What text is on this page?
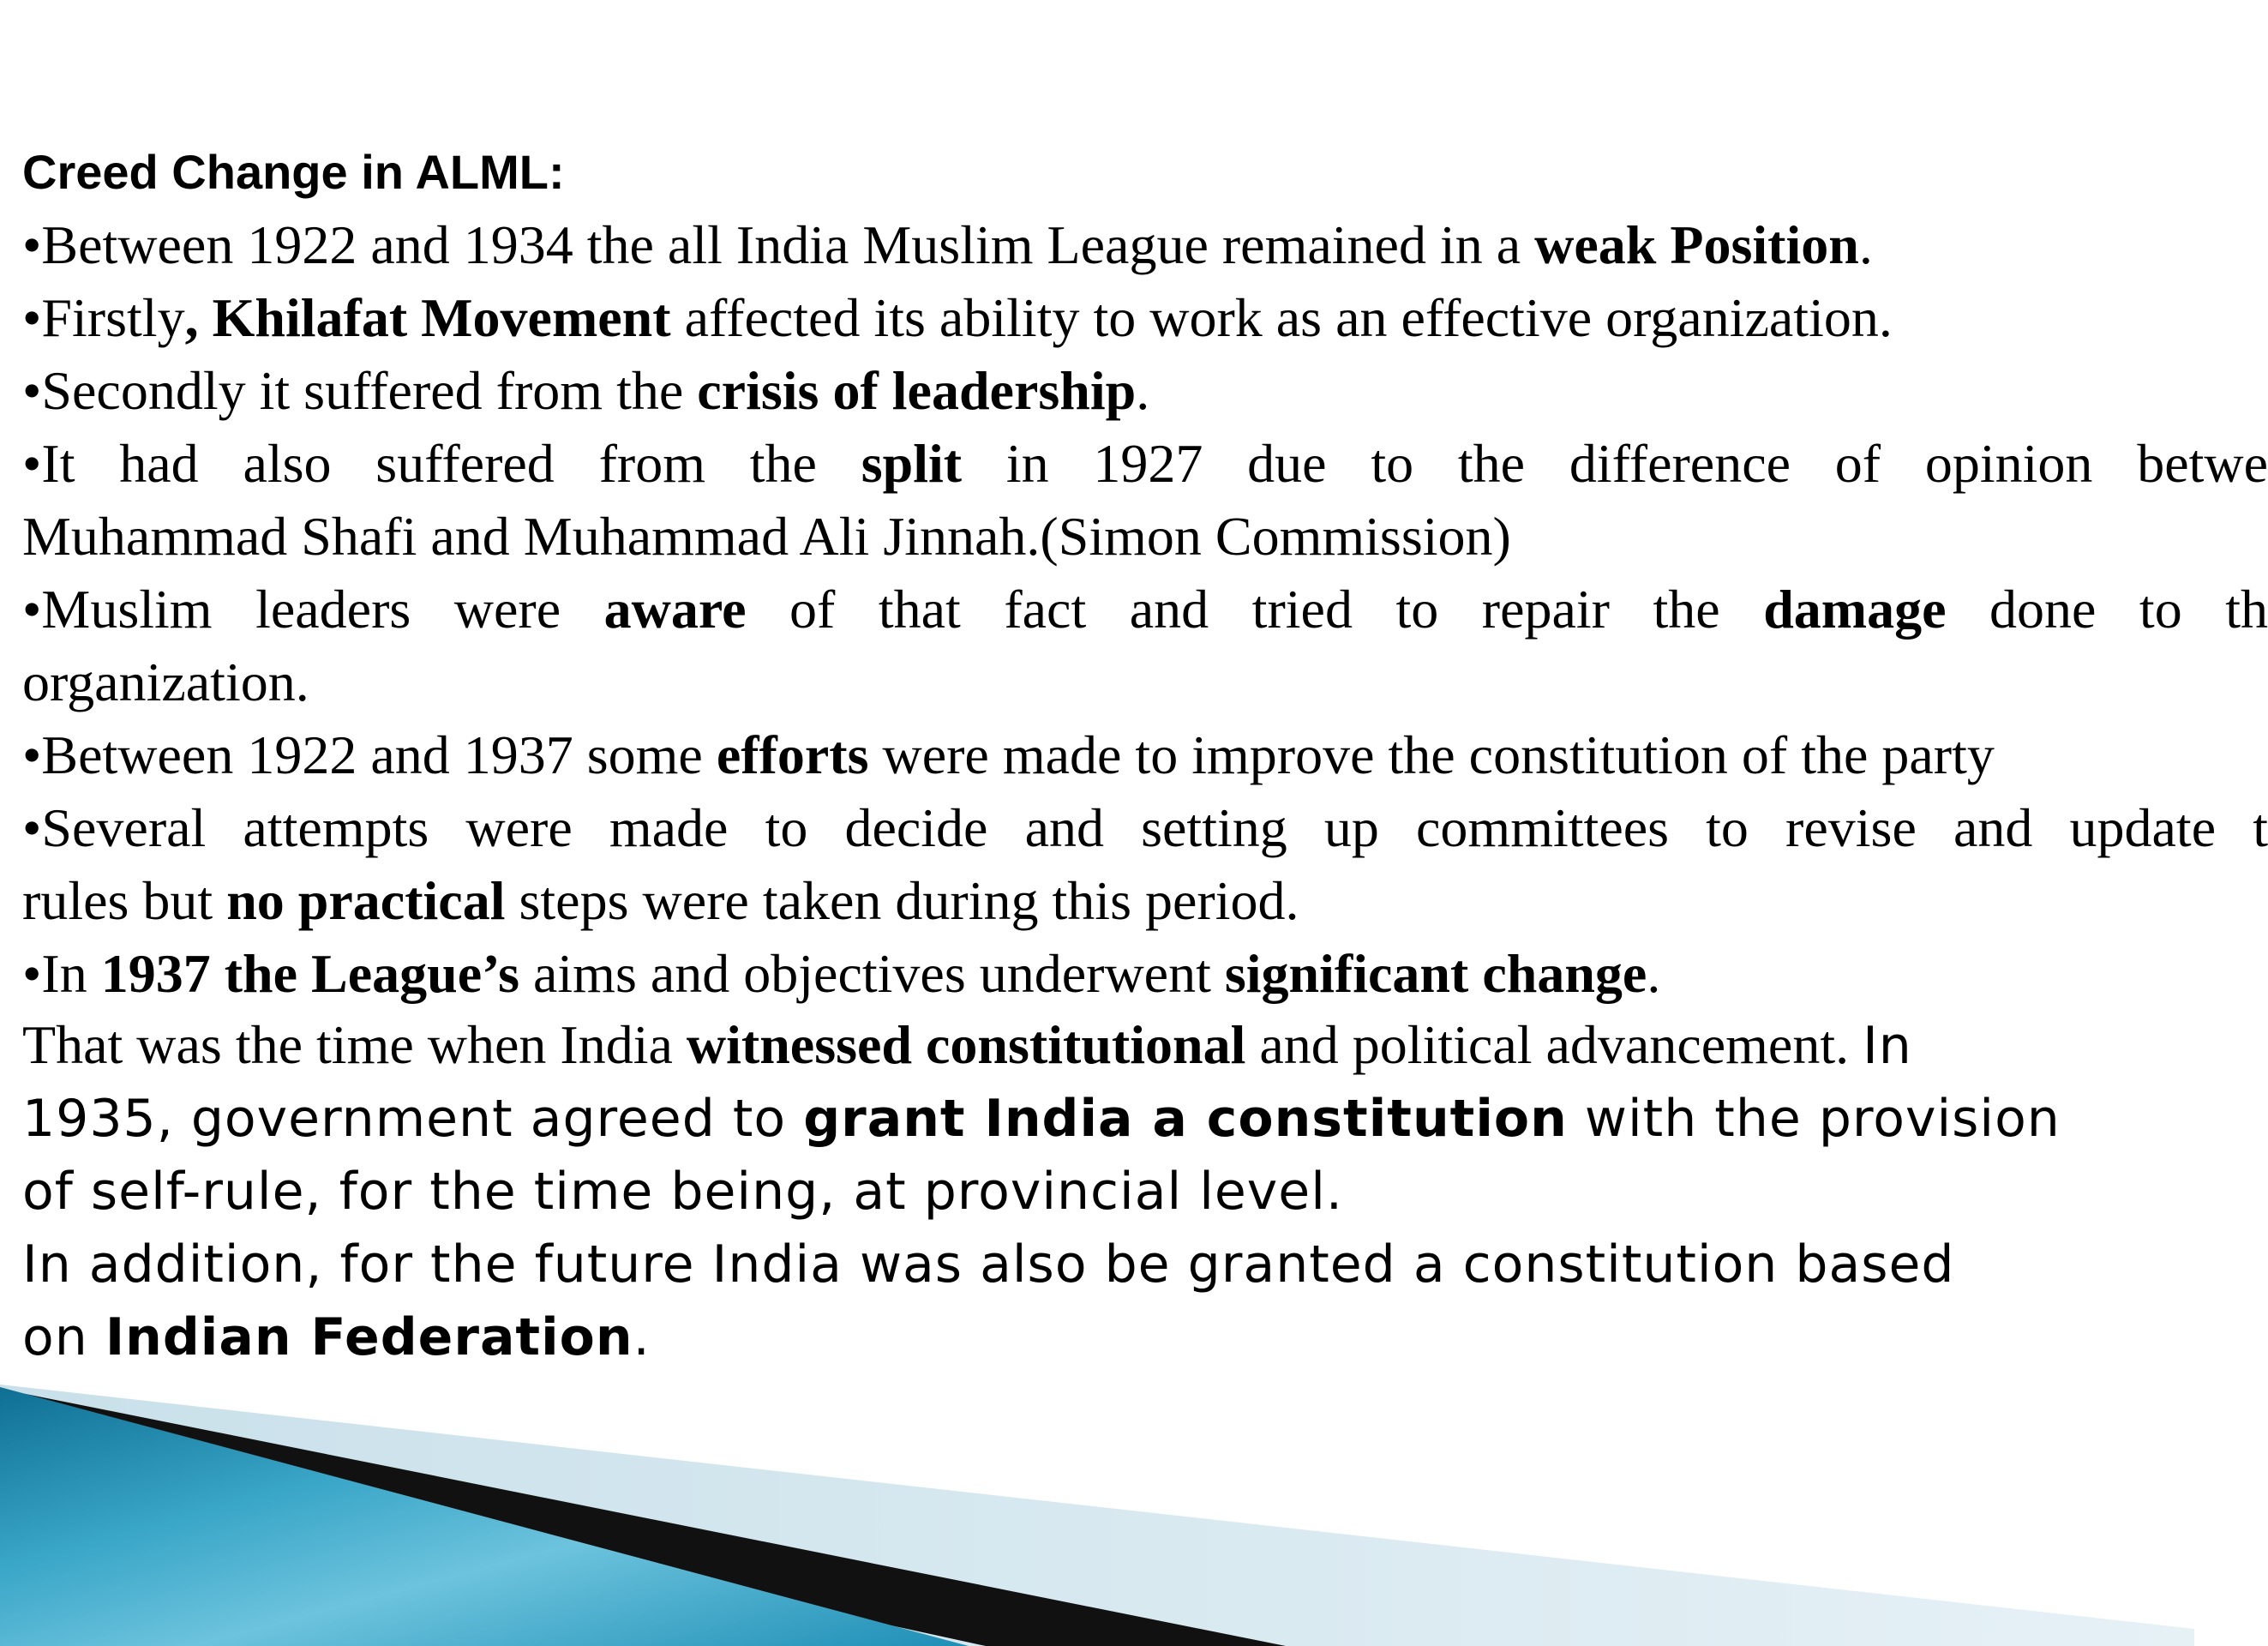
Creed Change in ALML:
•Between 1922 and 1934 the all India Muslim League remained in a weak Position.
•Firstly, Khilafat Movement affected its ability to work as an effective organization.
•Secondly it suffered from the crisis of leadership.
•It had also suffered from the split in 1927 due to the difference of opinion betwe
Muhammad Shafi and Muhammad Ali Jinnah.(Simon Commission)
•Muslim leaders were aware of that fact and tried to repair the damage done to th
organization.
•Between 1922 and 1937 some efforts were made to improve the constitution of the party
•Several attempts were made to decide and setting up committees to revise and update t
rules but no practical steps were taken during this period.
•In 1937 the League’s aims and objectives underwent significant change.
That was the time when India witnessed constitutional and political advancement. In
1935, government agreed to grant India a constitution with the provision
of self-rule, for the time being, at provincial level.
In addition, for the future India was also be granted a constitution based
on Indian Federation.
